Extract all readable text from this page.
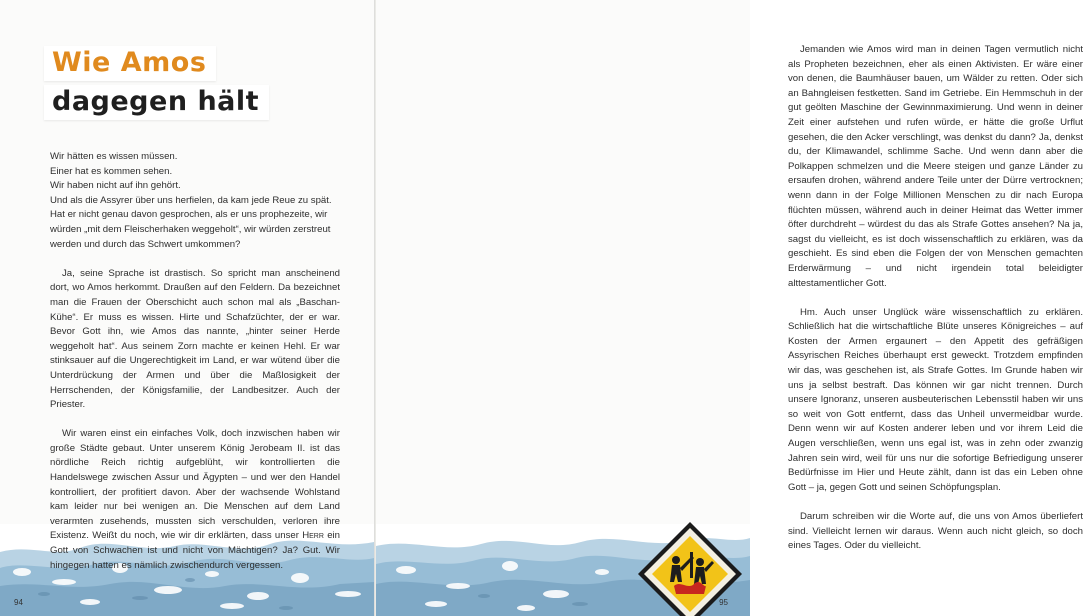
Wie Amos
dagegen hält

Wir hätten es wissen müssen.

Einer hat es kommen sehen.

Wir haben nicht auf ihn gehört.

Und als die Assyrer über uns herfielen, da kam jede Reue zu spät. Hat er nicht genau davon gesprochen, als er uns prophezeite, wir würden „mit dem Fleischerhaken weggeholt“, wir würden zerstreut werden und durch das Schwert umkommen?

Ja, seine Sprache ist drastisch. So spricht man anscheinend dort, wo Amos herkommt. Draußen auf den Feldern. Da bezeichnet man die Frauen der Oberschicht auch schon mal als „Baschan-Kühe“. Er muss es wissen. Hirte und Schafzüchter, der er war. Bevor Gott ihn, wie Amos das nannte, „hinter seiner Herde weggeholt hat“. Aus seinem Zorn machte er keinen Hehl. Er war stinksauer auf die Ungerechtigkeit im Land, er war wütend über die Unterdrückung der Armen und über die Maßlosigkeit der Herrschenden, der Königsfamilie, der Landbesitzer. Auch der Priester.

Wir waren einst ein einfaches Volk, doch inzwischen haben wir große Städte gebaut. Unter unserem König Jerobeam II. ist das nördliche Reich richtig aufgeblüht, wir kontrollierten die Handelswege zwischen Assur und Ägypten – und wer den Handel kontrolliert, der profitiert davon. Aber der wachsende Wohlstand kam leider nur bei wenigen an. Die Menschen auf dem Land verarmten zusehends, mussten sich verschulden, verloren ihre Existenz. Weißt du noch, wie wir dir erklärten, dass unser Herr ein Gott von Schwachen ist und nicht von Mächtigen? Ja? Gut. Wir hingegen hatten es nämlich zwischendurch vergessen.

94

Jemanden wie Amos wird man in deinen Tagen vermutlich nicht als Propheten bezeichnen, eher als einen Aktivisten. Er wäre einer von denen, die Baumhäuser bauen, um Wälder zu retten. Oder sich an Bahngleisen festketten. Sand im Getriebe. Ein Hemmschuh in der gut geölten Maschine der Gewinnmaximierung. Und wenn in deiner Zeit einer aufstehen und rufen würde, er hätte die große Urflut gesehen, die den Acker verschlingt, was denkst du dann? Ja, denkst du, der Klimawandel, schlimme Sache. Und wenn dann aber die Polkappen schmelzen und die Meere steigen und ganze Länder zu ersaufen drohen, während andere Teile unter der Dürre vertrocknen; wenn dann in der Folge Millionen Menschen zu dir nach Europa flüchten müssen, während auch in deiner Heimat das Wetter immer öfter durchdreht – würdest du das als Strafe Gottes ansehen? Na ja, sagst du vielleicht, es ist doch wissenschaftlich zu erklären, was da geschieht. Es sind eben die Folgen der von Menschen gemachten Erderwärmung – und nicht irgendein total beleidigter alttestamentlicher Gott.

Hm. Auch unser Unglück wäre wissenschaftlich zu erklären. Schließlich hat die wirtschaftliche Blüte unseres Königreiches – auf Kosten der Armen ergaunert – den Appetit des gefräßigen Assyrischen Reiches überhaupt erst geweckt. Trotzdem empfinden wir das, was geschehen ist, als Strafe Gottes. Im Grunde haben wir uns ja selbst bestraft. Das können wir gar nicht trennen. Durch unsere Ignoranz, unseren ausbeuterischen Lebensstil haben wir uns so weit von Gott entfernt, dass das Unheil unvermeidbar wurde. Denn wenn wir auf Kosten anderer leben und vor ihrem Leid die Augen verschließen, wenn uns egal ist, was in zehn oder zwanzig Jahren sein wird, weil für uns nur die sofortige Befriedigung unserer Bedürfnisse im Hier und Heute zählt, dann ist das ein Leben ohne Gott – ja, gegen Gott und seinen Schöpfungsplan.

Darum schreiben wir die Worte auf, die uns von Amos überliefert sind. Vielleicht lernen wir daraus. Wenn auch nicht gleich, so doch eines Tages. Oder du vielleicht.

95
